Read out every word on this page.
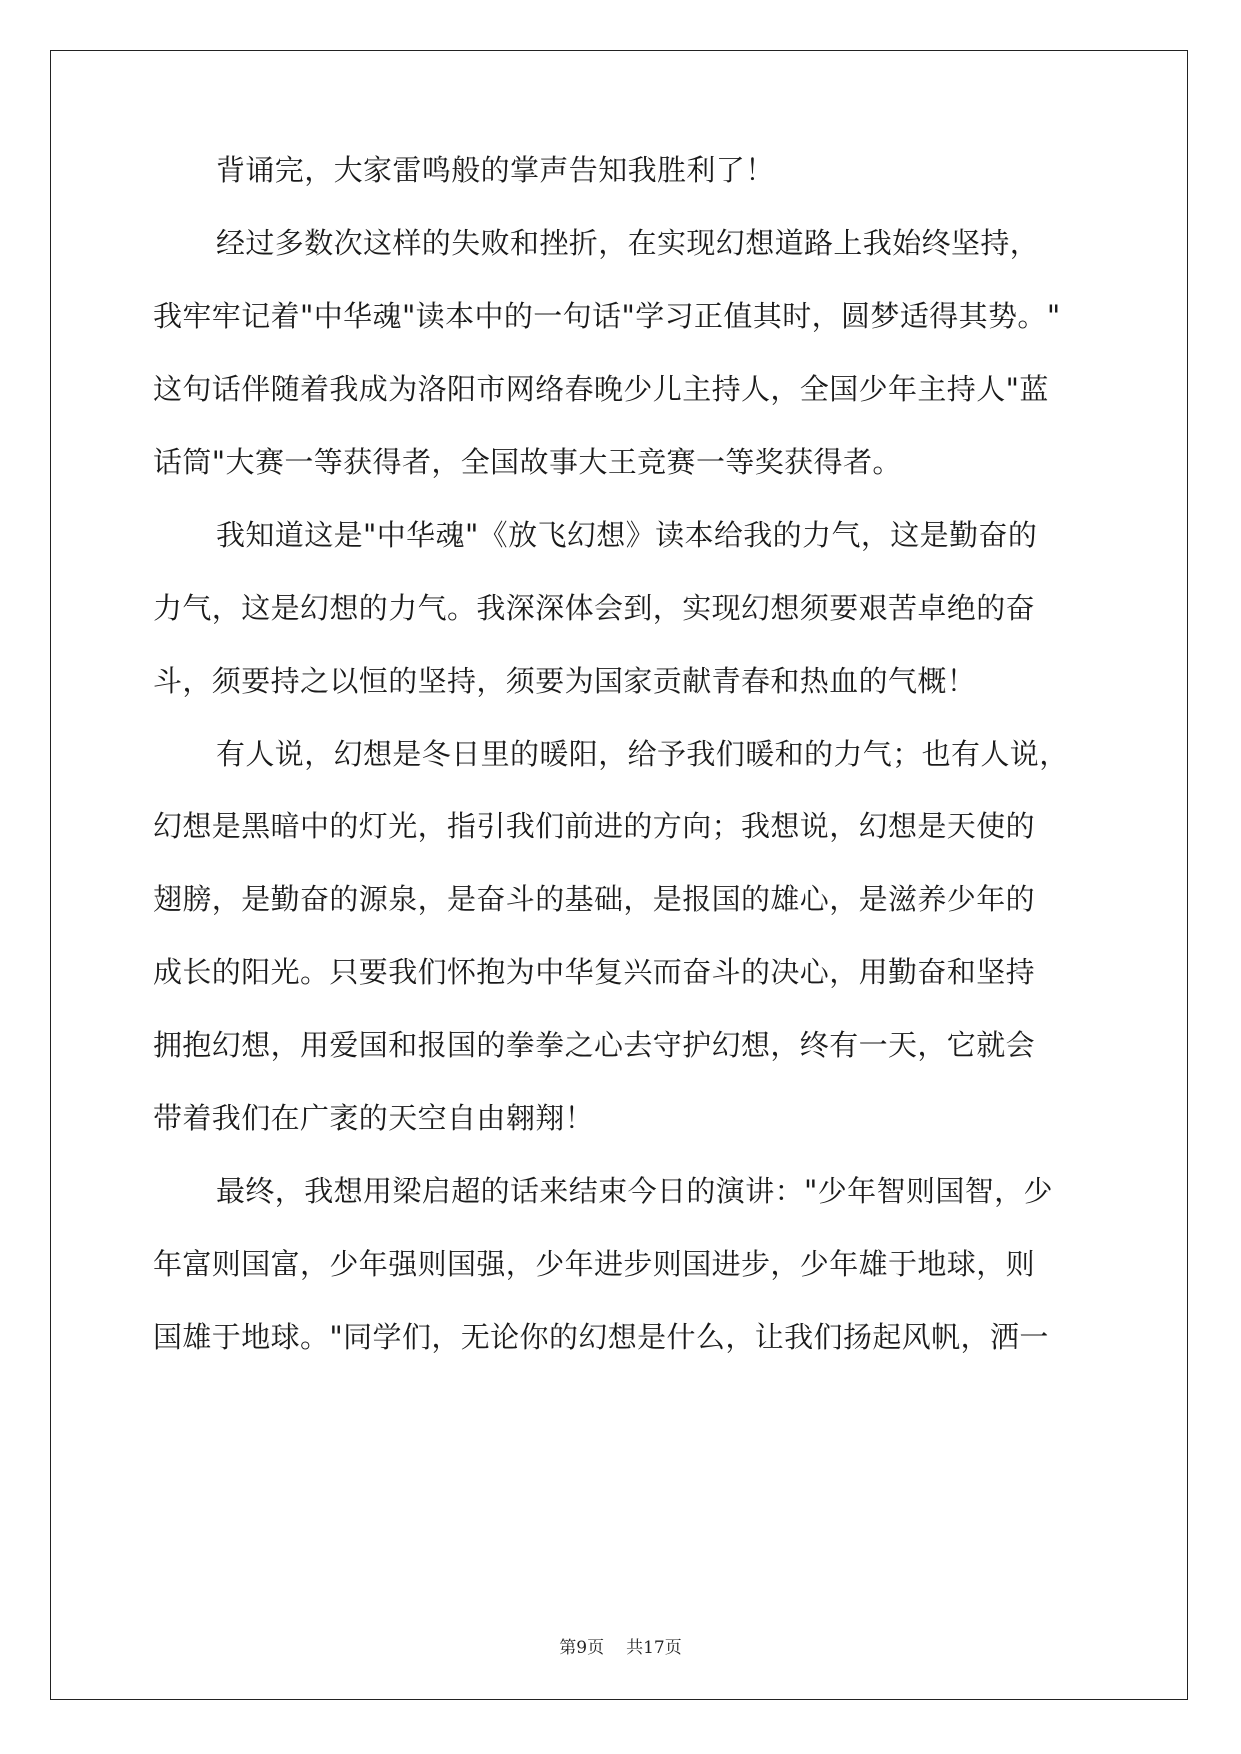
背诵完，大家雷鸣般的掌声告知我胜利了！
经过多数次这样的失败和挫折，在实现幻想道路上我始终坚持，
我牢牢记着"中华魂"读本中的一句话"学习正值其时，圆梦适得其势。"
这句话伴随着我成为洛阳市网络春晚少儿主持人，全国少年主持人"蓝
话筒"大赛一等获得者，全国故事大王竞赛一等奖获得者。
我知道这是"中华魂"《放飞幻想》读本给我的力气，这是勤奋的
力气，这是幻想的力气。我深深体会到，实现幻想须要艰苦卓绝的奋
斗，须要持之以恒的坚持，须要为国家贡献青春和热血的气概！
有人说，幻想是冬日里的暖阳，给予我们暖和的力气；也有人说，
幻想是黑暗中的灯光，指引我们前进的方向；我想说，幻想是天使的
翅膀，是勤奋的源泉，是奋斗的基础，是报国的雄心，是滋养少年的
成长的阳光。只要我们怀抱为中华复兴而奋斗的决心，用勤奋和坚持
拥抱幻想，用爱国和报国的拳拳之心去守护幻想，终有一天，它就会
带着我们在广袤的天空自由翱翔！
最终，我想用梁启超的话来结束今日的演讲："少年智则国智，少
年富则国富，少年强则国强，少年进步则国进步，少年雄于地球，则
国雄于地球。"同学们，无论你的幻想是什么，让我们扬起风帆，洒一
第9页 共17页
